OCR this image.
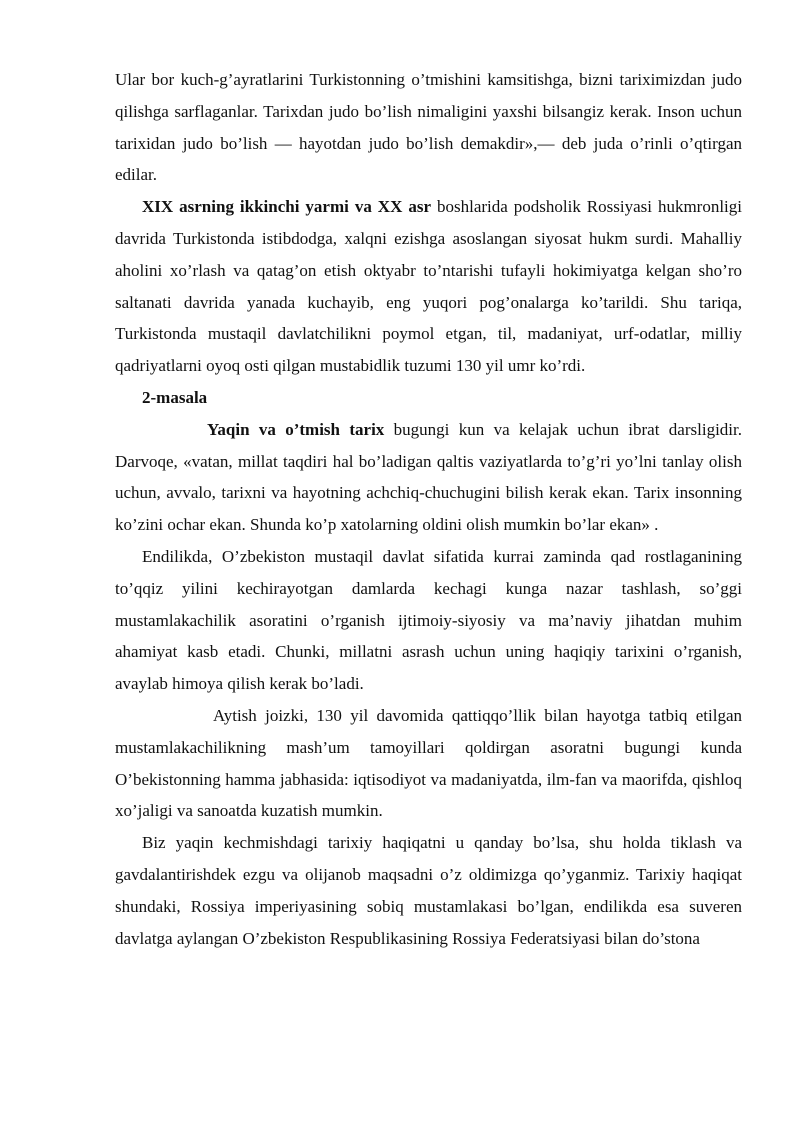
Ular bor kuch-g’ayratlarini Turkistonning o’tmishini kamsitishga, bizni tariximizdan judo qilishga sarflaganlar. Tarixdan judo bo’lish nimaligini yaxshi bilsangiz kerak. Inson uchun tarixidan judo bo’lish — hayotdan judo bo’lish demakdir»,— deb juda o’rinli o’qtirgan edilar.

XIX asrning ikkinchi yarmi va XX asr boshlarida podsholik Rossiyasi hukmronligi davrida Turkistonda istibdodga, xalqni ezishga asoslangan siyosat hukm surdi. Mahalliy aholini xo’rlash va qatag’on etish oktyabr to’ntarishi tufayli hokimiyatga kelgan sho’ro saltanati davrida yanada kuchayib, eng yuqori pog’onalarga ko’tarildi. Shu tariqa, Turkistonda mustaqil davlatchilikni poymol etgan, til, madaniyat, urf-odatlar, milliy qadriyatlarni oyoq osti qilgan mustabidlik tuzumi 130 yil umr ko’rdi.

2-masala

Yaqin va o’tmish tarix bugungi kun va kelajak uchun ibrat darsligidir. Darvoqe, «vatan, millat taqdiri hal bo’ladigan qaltis vaziyatlarda to’g’ri yo’lni tanlay olish uchun, avvalo, tarixni va hayotning achchiq-chuchugini bilish kerak ekan. Tarix insonning ko’zini ochar ekan. Shunda ko’p xatolarning oldini olish mumkin bo’lar ekan» .

Endilikda, O’zbekiston mustaqil davlat sifatida kurrai zaminda qad rostlaganining to’qqiz yilini kechirayotgan damlarda kechagi kunga nazar tashlash, so’ggi mustamlakachilik asoratini o’rganish ijtimoiy-siyosiy va ma’naviy jihatdan muhim ahamiyat kasb etadi. Chunki, millatni asrash uchun uning haqiqiy tarixini o’rganish, avaylab himoya qilish kerak bo’ladi.

Aytish joizki, 130 yil davomida qattiqqo’llik bilan hayotga tatbiq etilgan mustamlakachilikning mash’um tamoyillari qoldirgan asoratni bugungi kunda O’bekistonning hamma jabhasida: iqtisodiyot va madaniyatda, ilm-fan va maorifda, qishloq xo’jaligi va sanoatda kuzatish mumkin.

Biz yaqin kechmishdagi tarixiy haqiqatni u qanday bo’lsa, shu holda tiklash va gavdalantirishdek ezgu va olijanob maqsadni o’z oldimizga qo’yganmiz. Tarixiy haqiqat shundaki, Rossiya imperiyasining sobiq mustamlakasi bo’lgan, endilikda esa suveren davlatga aylangan O’zbekiston Respublikasining Rossiya Federatsiyasi bilan do’stona
